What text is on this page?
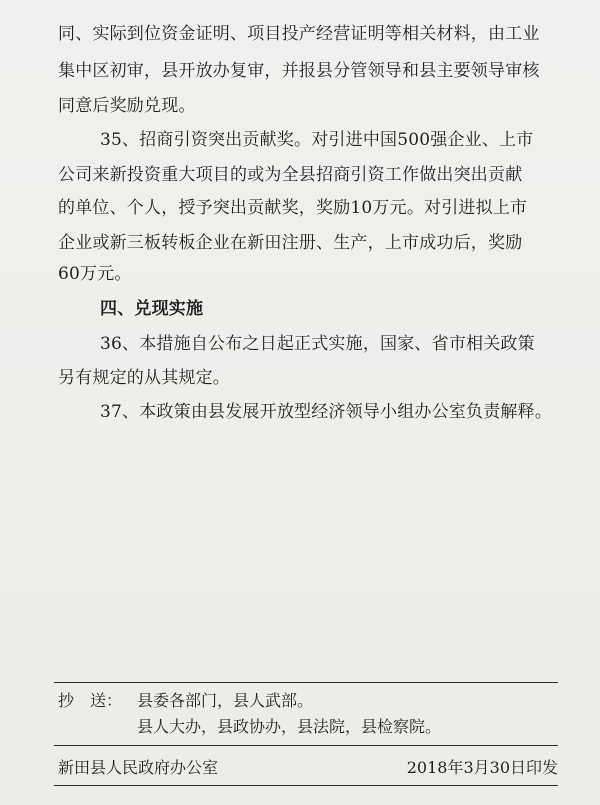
同、实际到位资金证明、项目投产经营证明等相关材料，由工业
集中区初审，县开放办复审，并报县分管领导和县主要领导审核
同意后奖励兑现。
35、招商引资突出贡献奖。对引进中国500强企业、上市
公司来新投资重大项目的或为全县招商引资工作做出突出贡献
的单位、个人，授予突出贡献奖，奖励10万元。对引进拟上市
企业或新三板转板企业在新田注册、生产，上市成功后，奖励
60万元。
四、兑现实施
36、本措施自公布之日起正式实施，国家、省市相关政策
另有规定的从其规定。
37、本政策由县发展开放型经济领导小组办公室负责解释。
抄　送： 县委各部门，县人武部。
县人大办，县政协办，县法院，县检察院。
新田县人民政府办公室	2018年3月30日印发
